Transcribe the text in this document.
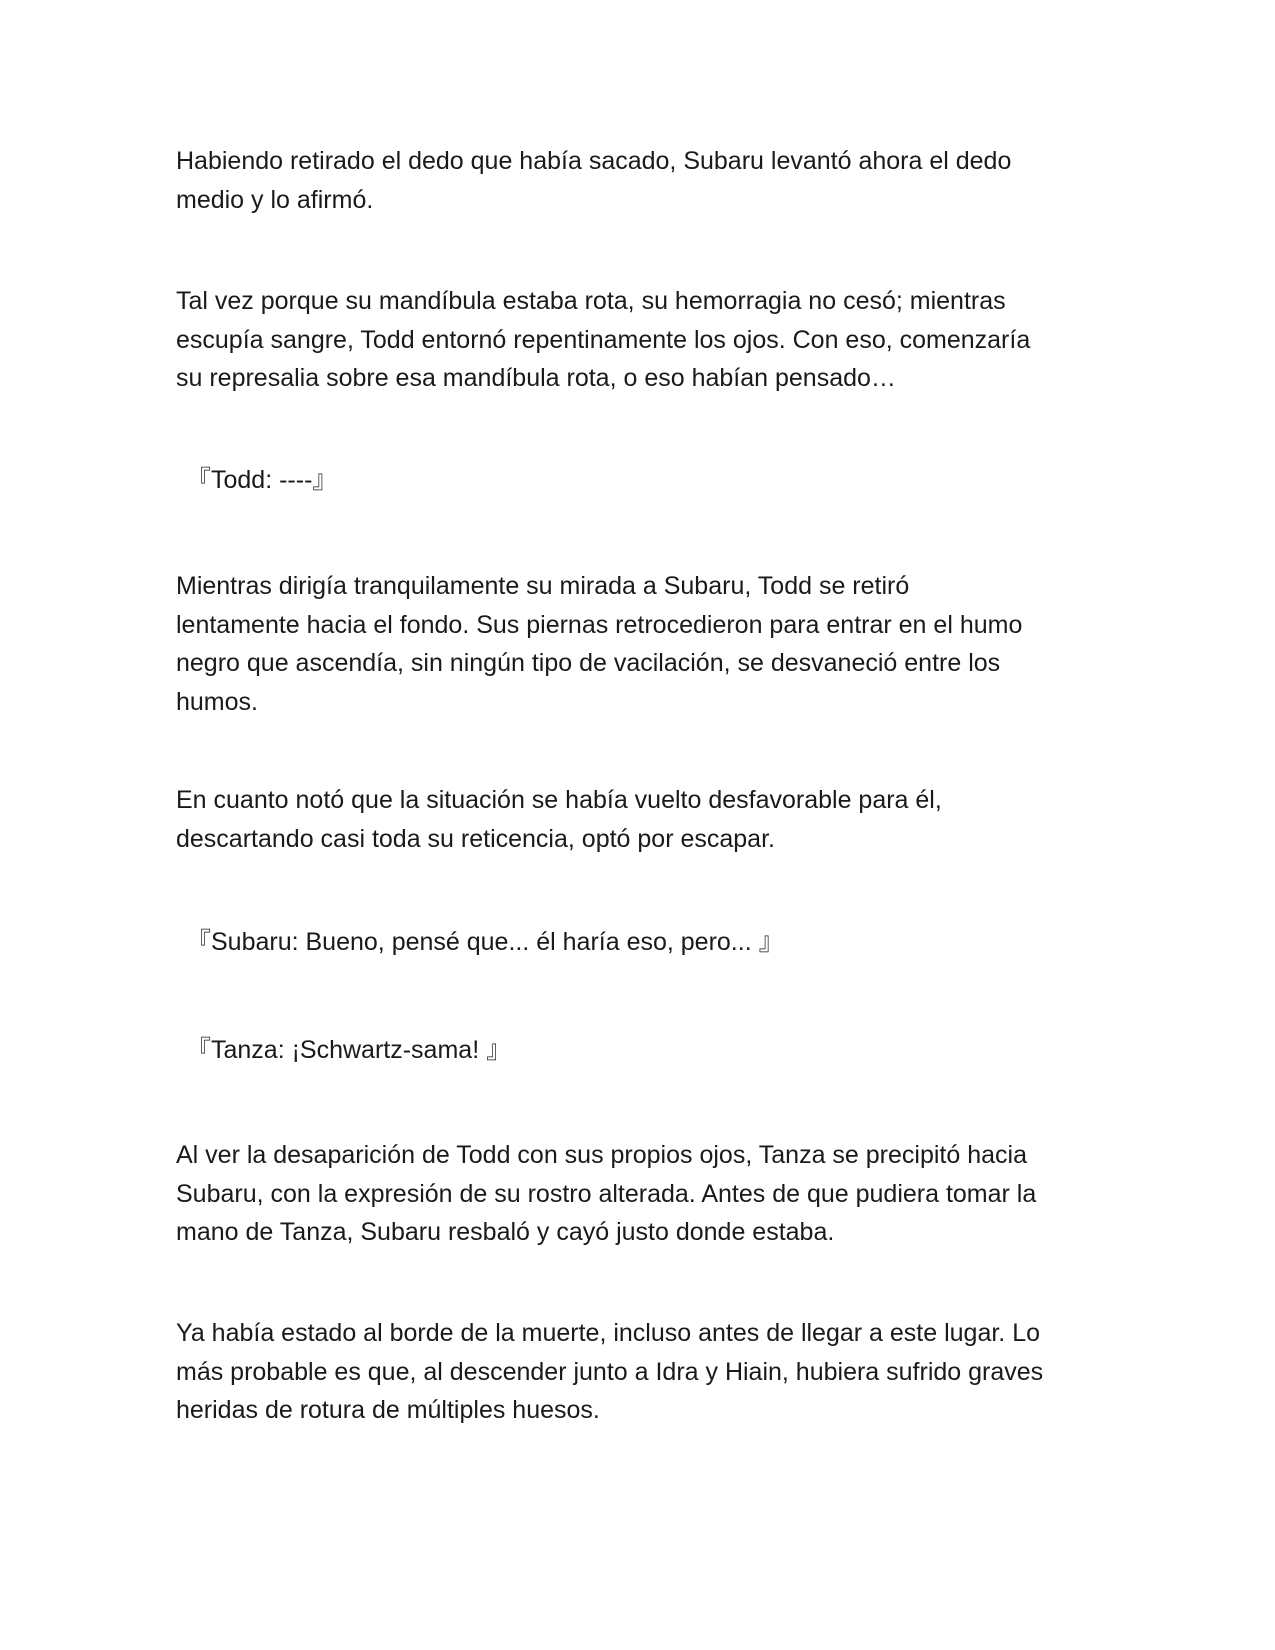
Habiendo retirado el dedo que había sacado, Subaru levantó ahora el dedo
medio y lo afirmó.
Tal vez porque su mandíbula estaba rota, su hemorragia no cesó; mientras
escupía sangre, Todd entornó repentinamente los ojos. Con eso, comenzaría
su represalia sobre esa mandíbula rota, o eso habían pensado…
『Todd: ----』
Mientras dirigía tranquilamente su mirada a Subaru, Todd se retiró
lentamente hacia el fondo. Sus piernas retrocedieron para entrar en el humo
negro que ascendía, sin ningún tipo de vacilación, se desvaneció entre los
humos.
En cuanto notó que la situación se había vuelto desfavorable para él,
descartando casi toda su reticencia, optó por escapar.
『Subaru: Bueno, pensé que... él haría eso, pero... 』
『Tanza: ¡Schwartz-sama! 』
Al ver la desaparición de Todd con sus propios ojos, Tanza se precipitó hacia
Subaru, con la expresión de su rostro alterada. Antes de que pudiera tomar la
mano de Tanza, Subaru resbaló y cayó justo donde estaba.
Ya había estado al borde de la muerte, incluso antes de llegar a este lugar. Lo
más probable es que, al descender junto a Idra y Hiain, hubiera sufrido graves
heridas de rotura de múltiples huesos.
